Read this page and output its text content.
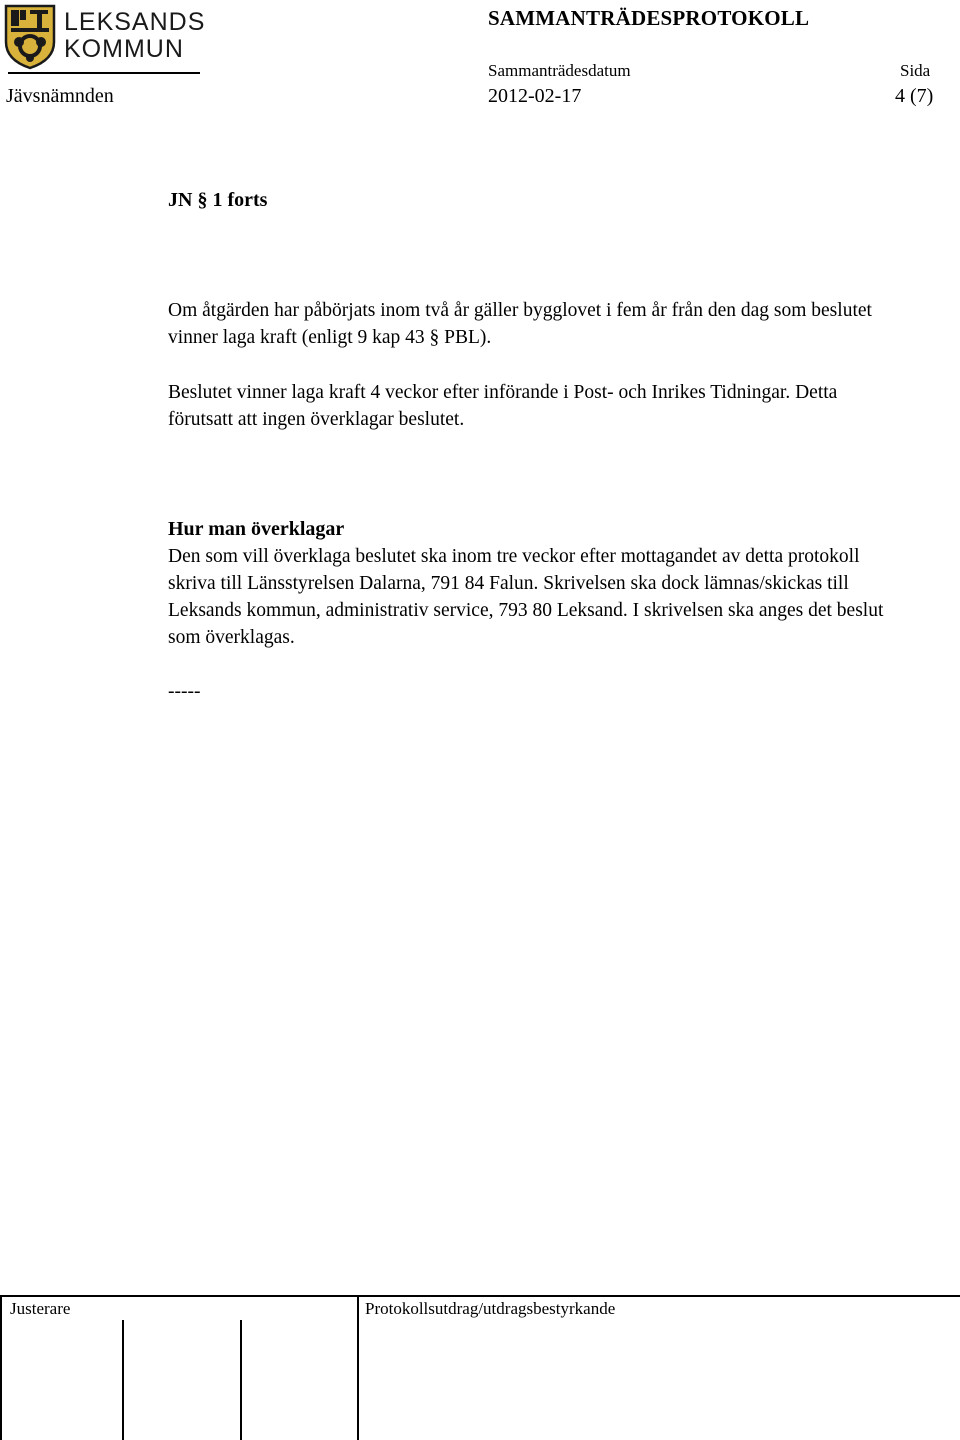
LEKSANDS
KOMMUN
SAMMANTRÄDESPROTOKOLL
Sammanträdesdatum	Sida
Jävsnämnden	2012-02-17	4 (7)
JN § 1 forts
Om åtgärden har påbörjats inom två år gäller bygglovet i fem år från den dag som beslutet vinner laga kraft (enligt 9 kap 43 § PBL).
Beslutet vinner laga kraft 4 veckor efter införande i Post- och Inrikes Tidningar. Detta förutsatt att ingen överklagar beslutet.
Hur man överklagar
Den som vill överklaga beslutet ska inom tre veckor efter mottagandet av detta protokoll skriva till Länsstyrelsen Dalarna, 791 84 Falun. Skrivelsen ska dock lämnas/skickas till Leksands kommun, administrativ service, 793 80 Leksand. I skrivelsen ska anges det beslut som överklagas.
-----
Justerare	Protokollsutdrag/utdragsbestyrkande
